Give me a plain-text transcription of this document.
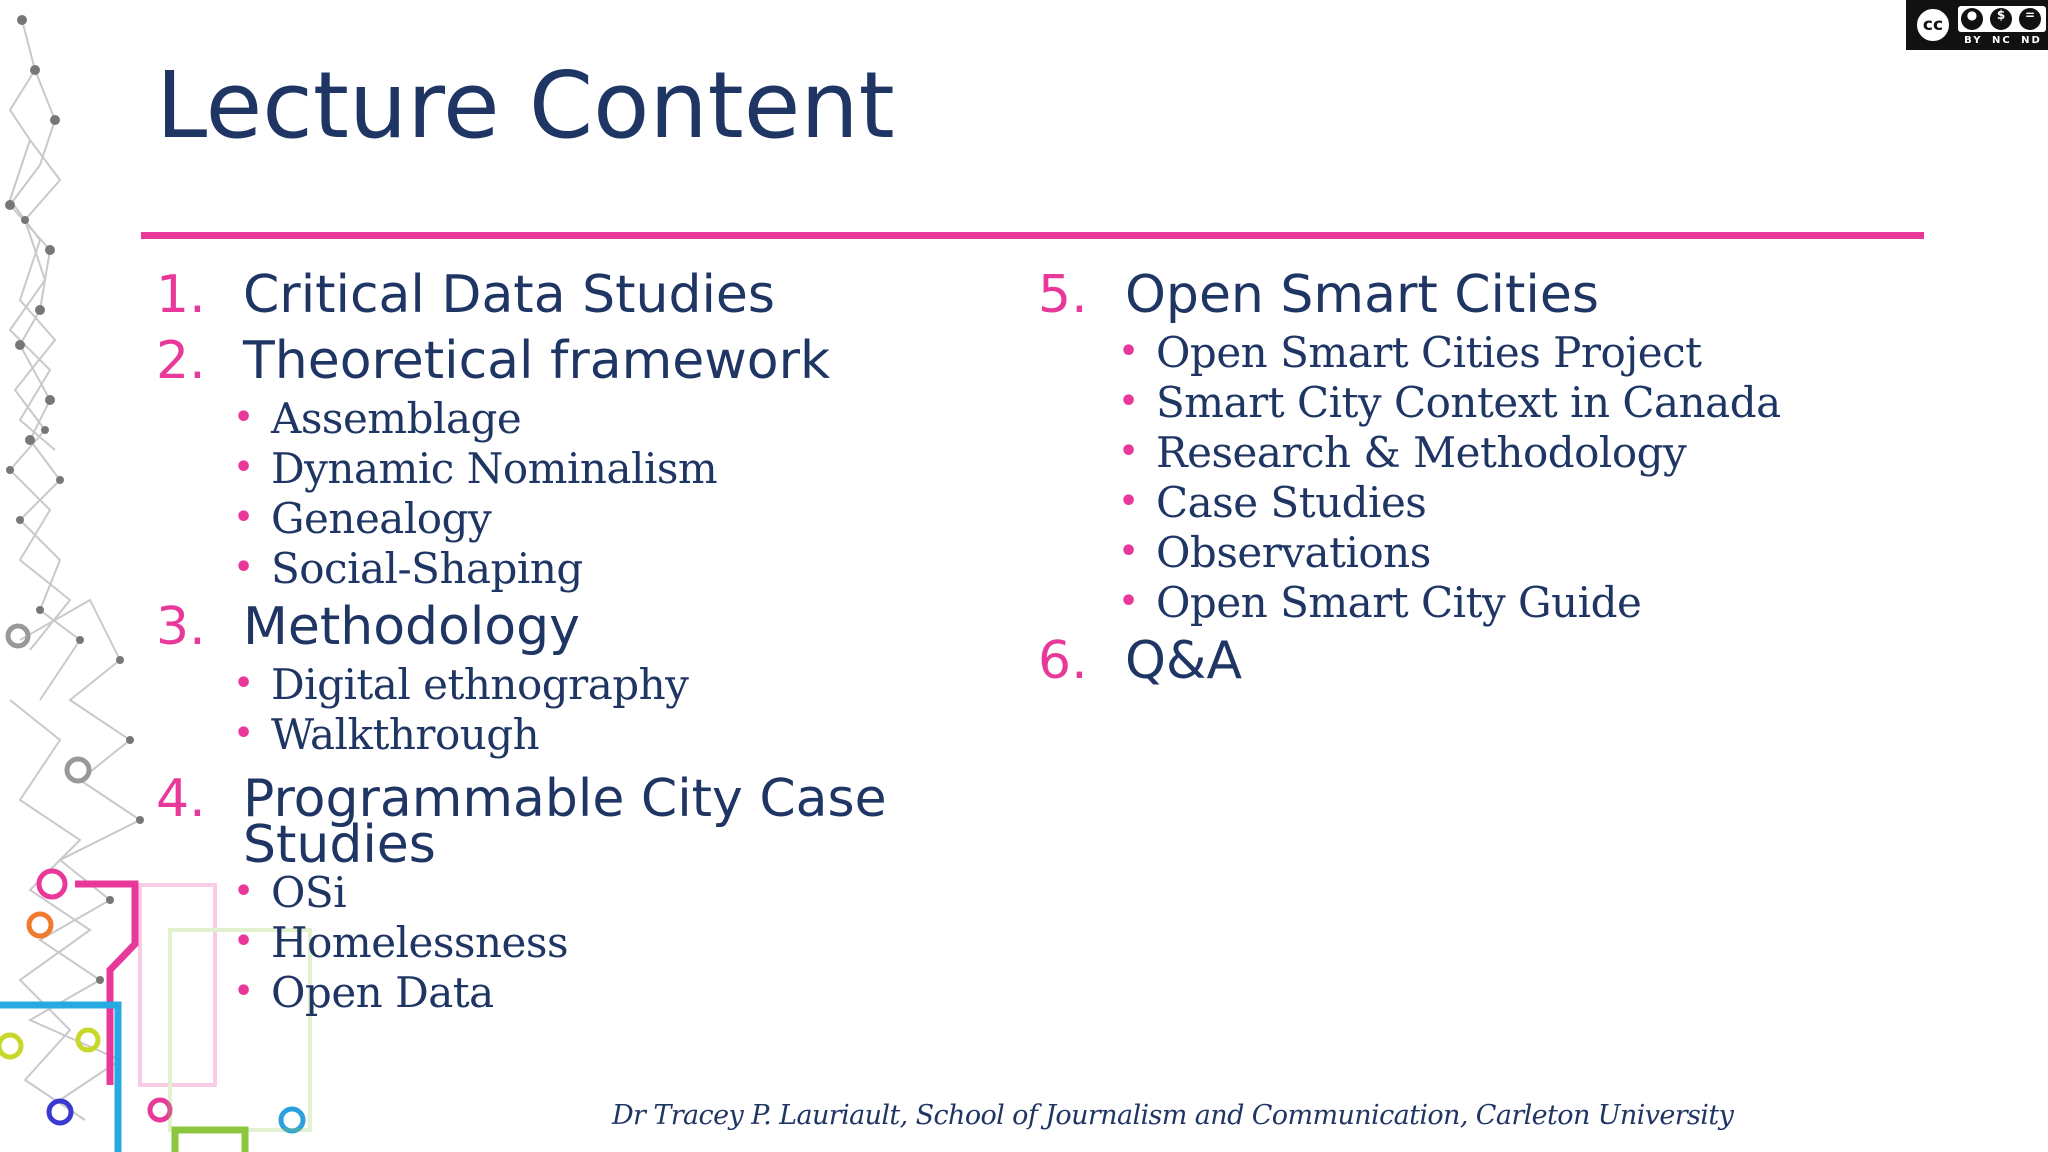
cc	●	$	=
BY NC ND
Lecture Content
1. Critical Data Studies
2. Theoretical framework
• Assemblage
• Dynamic Nominalism
• Genealogy
• Social-Shaping
3. Methodology
• Digital ethnography
• Walkthrough
4. Programmable City Case
Studies
• OSi
• Homelessness
• Open Data
5. Open Smart Cities
• Open Smart Cities Project
• Smart City Context in Canada
• Research & Methodology
• Case Studies
• Observations
• Open Smart City Guide
6. Q&A
Dr Tracey P. Lauriault, School of Journalism and Communication, Carleton University
